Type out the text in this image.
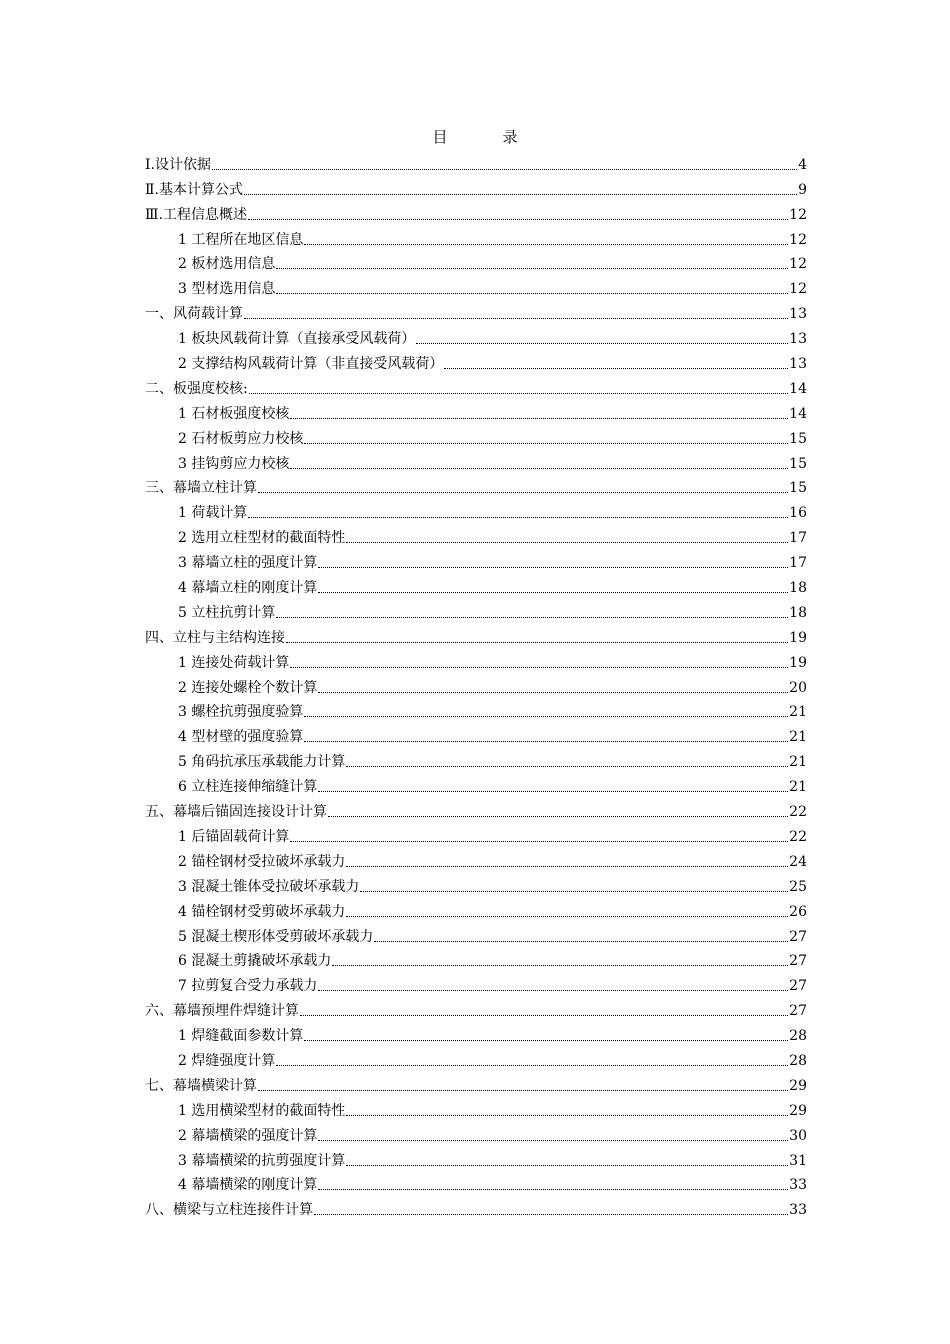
目　录
Ⅰ.设计依据	4
Ⅱ.基本计算公式	9
Ⅲ.工程信息概述	12
1 工程所在地区信息	12
2 板材选用信息	12
3 型材选用信息	12
一、风荷载计算	13
1 板块风载荷计算（直接承受风载荷）	13
2 支撑结构风载荷计算（非直接受风载荷）	13
二、板强度校核:	14
1 石材板强度校核	14
2 石材板剪应力校核	15
3 挂钩剪应力校核	15
三、幕墙立柱计算	15
1 荷载计算	16
2 选用立柱型材的截面特性	17
3 幕墙立柱的强度计算	17
4 幕墙立柱的刚度计算	18
5 立柱抗剪计算	18
四、立柱与主结构连接	19
1 连接处荷载计算	19
2 连接处螺栓个数计算	20
3 螺栓抗剪强度验算	21
4 型材壁的强度验算	21
5 角码抗承压承载能力计算	21
6 立柱连接伸缩缝计算	21
五、幕墙后锚固连接设计计算	22
1 后锚固载荷计算	22
2 锚栓钢材受拉破坏承载力	24
3 混凝土锥体受拉破坏承载力	25
4 锚栓钢材受剪破坏承载力	26
5 混凝土楔形体受剪破坏承载力	27
6 混凝土剪撬破坏承载力	27
7 拉剪复合受力承载力	27
六、幕墙预埋件焊缝计算	27
1 焊缝截面参数计算	28
2 焊缝强度计算	28
七、幕墙横梁计算	29
1 选用横梁型材的截面特性	29
2 幕墙横梁的强度计算	30
3 幕墙横梁的抗剪强度计算	31
4 幕墙横梁的刚度计算	33
八、横梁与立柱连接件计算	33
